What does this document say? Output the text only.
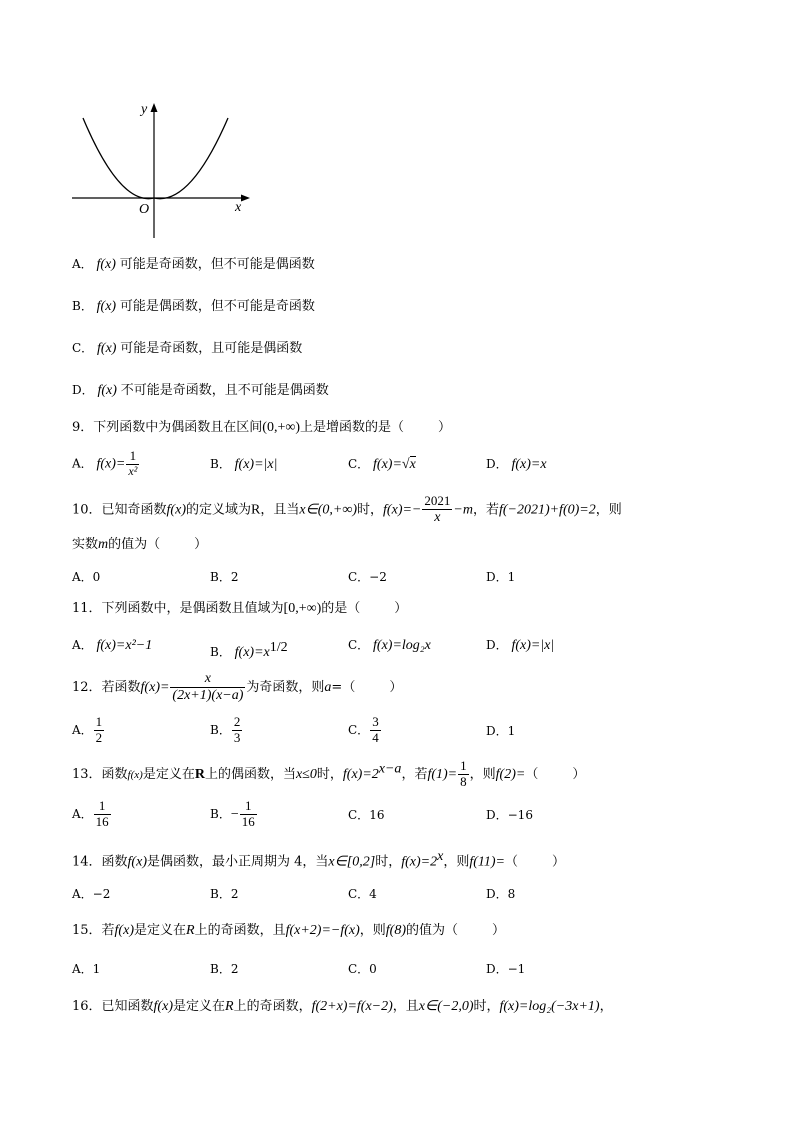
y
x
O
A． f(x) 可能是奇函数，但不可能是偶函数
B． f(x) 可能是偶函数，但不可能是奇函数
C． f(x) 可能是奇函数，且可能是偶函数
D． f(x) 不可能是奇函数，且不可能是偶函数
9．下列函数中为偶函数且在区间(0,+∞)上是增函数的是（	）
A． $f(x)= \frac{1}{\text{x²}}$	B． f(x)=|x|	C． f(x)=√x	D． f(x)=x
10．已知奇函数f(x)的定义域为R，且当x∈(0,+∞)时，$f(x)=- \frac{2021}{x} -m$，若f(−2021)+f(0)=2，则
实数m的值为（	）
A．0	B．2	C．−2	D．1
11．下列函数中，是偶函数且值域为[0,+∞)的是（	）
A． f(x)=x²−1	B． $f(x)=x^{1/2}$	C． f(x)=log₂x	D． f(x)=|x|
12．若函数$f(x)= \frac{x}{(2x+1)(x-a)}$ 为奇函数，则a=（	）
A． $\frac{1}{2}$	B． $\frac{2}{3}$	C． $\frac{3}{4}$	D．1
13．函数f(x)是定义在R上的偶函数，当x≤0时，$f(x)=2^{x-a}$，若$f(1)= \frac{1}{8}$ ，则f(2)=（	）
A． $\frac{1}{16}$	B．− $\frac{1}{16}$	C．16	D．−16
14．函数f(x)是偶函数，最小正周期为 4，当x∈[0,2]时，$f(x)=2^x$，则f(11)=（	）
A．−2	B．2	C．4	D．8
15．若f(x)是定义在R上的奇函数，且f(x+2)=−f(x)，则f(8)的值为（	）
A．1	B．2	C．0	D．−1
16．已知函数f(x)是定义在R上的奇函数，f(2+x)=f(x−2)，且x∈(−2,0)时，f(x)=log₂(−3x+1)，
